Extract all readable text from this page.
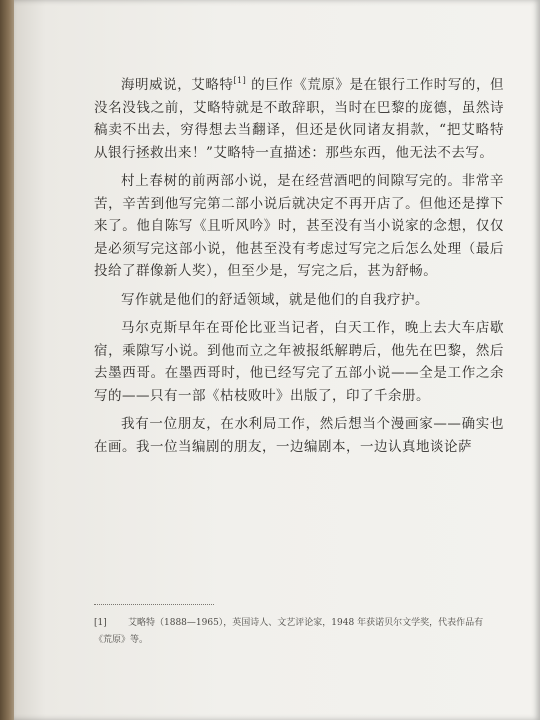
海明威说，艾略特[1] 的巨作《荒原》是在银行工作时写的，但没名没钱之前，艾略特就是不敢辞职，当时在巴黎的庞德，虽然诗稿卖不出去，穷得想去当翻译，但还是伙同诸友捐款，“把艾略特从银行拯救出来！”艾略特一直描述：那些东西，他无法不去写。

村上春树的前两部小说，是在经营酒吧的间隙写完的。非常辛苦，辛苦到他写完第二部小说后就决定不再开店了。但他还是撑下来了。他自陈写《且听风吟》时，甚至没有当小说家的念想，仅仅是必须写完这部小说，他甚至没有考虑过写完之后怎么处理（最后投给了群像新人奖），但至少是，写完之后，甚为舒畅。

写作就是他们的舒适领域，就是他们的自我疗护。

马尔克斯早年在哥伦比亚当记者，白天工作，晚上去大车店歇宿，乘隙写小说。到他而立之年被报纸解聘后，他先在巴黎，然后去墨西哥。在墨西哥时，他已经写完了五部小说——全是工作之余写的——只有一部《枯枝败叶》出版了，印了千余册。

我有一位朋友，在水利局工作，然后想当个漫画家——确实也在画。我一位当编剧的朋友，一边编剧本，一边认真地谈论萨

[1] 艾略特（1888—1965），英国诗人、文艺评论家，1948 年获诺贝尔文学奖，代表作品有《荒原》等。
